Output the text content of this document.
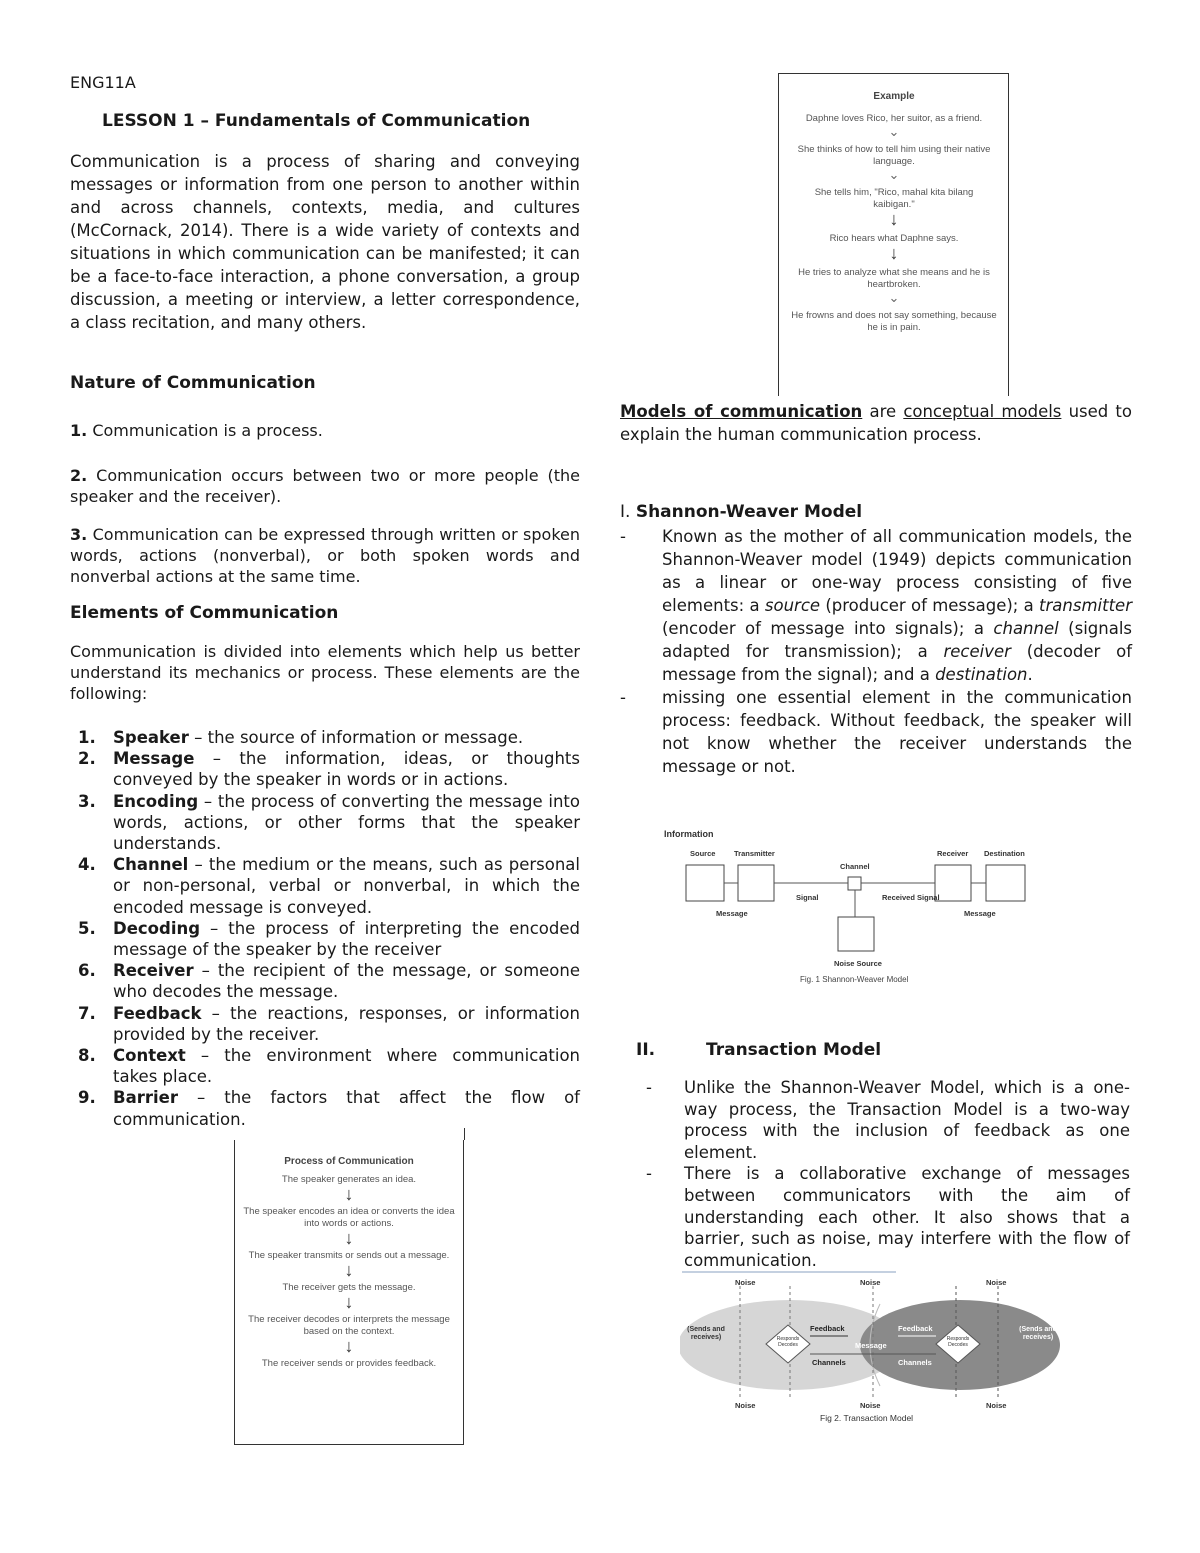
ENG11A
LESSON 1 – Fundamentals of Communication

Communication is a process of sharing and conveying messages or information from one person to another within and across channels, contexts, media, and cultures (McCornack, 2014). There is a wide variety of contexts and situations in which communication can be manifested; it can be a face-to-face interaction, a phone conversation, a group discussion, a meeting or interview, a letter correspondence, a class recitation, and many others.

Nature of Communication

1. Communication is a process.

2. Communication occurs between two or more people (the speaker and the receiver).

3. Communication can be expressed through written or spoken words, actions (nonverbal), or both spoken words and nonverbal actions at the same time.

Elements of Communication

Communication is divided into elements which help us better understand its mechanics or process. These elements are the following:

1. Speaker – the source of information or message.
2. Message – the information, ideas, or thoughts conveyed by the speaker in words or in actions.
3. Encoding – the process of converting the message into words, actions, or other forms that the speaker understands.
4. Channel – the medium or the means, such as personal or non-personal, verbal or nonverbal, in which the encoded message is conveyed.
5. Decoding – the process of interpreting the encoded message of the speaker by the receiver
6. Receiver – the recipient of the message, or someone who decodes the message.
7. Feedback – the reactions, responses, or information provided by the receiver.
8. Context – the environment where communication takes place.
9. Barrier – the factors that affect the flow of communication.
Process of Communication
The speaker generates an idea.
↓
The speaker encodes an idea or converts the idea into words or actions.
↓
The speaker transmits or sends out a message.
↓
The receiver gets the message.
↓
The receiver decodes or interprets the message based on the context.
↓
The receiver sends or provides feedback.
Example
Daphne loves Rico, her suitor, as a friend.
⌄
She thinks of how to tell him using their native language.
⌄
She tells him, "Rico, mahal kita bilang kaibigan."
↓
Rico hears what Daphne says.
↓
He tries to analyze what she means and he is heartbroken.
⌄
He frowns and does not say something, because he is in pain.

Models of communication are conceptual models used to explain the human communication process.

I. Shannon-Weaver Model
- Known as the mother of all communication models, the Shannon-Weaver model (1949) depicts communication as a linear or one-way process consisting of five elements: a source (producer of message); a transmitter (encoder of message into signals); a channel (signals adapted for transmission); a receiver (decoder of message from the signal); and a destination.
- missing one essential element in the communication process: feedback. Without feedback, the speaker will not know whether the receiver understands the message or not.
II.	Transaction Model
- Unlike the Shannon-Weaver Model, which is a one-way process, the Transaction Model is a two-way process with the inclusion of feedback as one element.
- There is a collaborative exchange of messages between communicators with the aim of understanding each other. It also shows that a barrier, such as noise, may interfere with the flow of communication.
Information
Source Transmitter
Channel
Receiver Destination
Message
Signal	Received Signal
Message
Noise Source
Fig. 1 Shannon-Weaver Model
Noise	Noise	Noise
Noise	Noise	Noise
(Sends and receives)
(Sends and receives)
Responds Decodes
Responds Decodes
Feedback	Feedback
Message
Channels	Channels
Fig 2. Transaction Model
